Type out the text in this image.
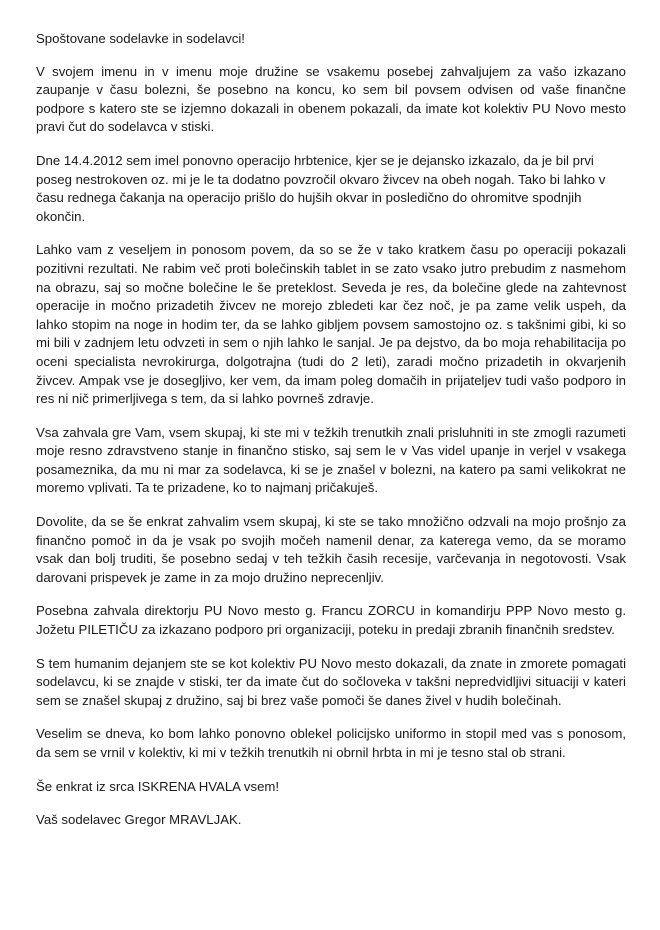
Spoštovane sodelavke in sodelavci!

V svojem imenu in v imenu moje družine se vsakemu posebej zahvaljujem za vašo izkazano zaupanje v času bolezni, še posebno na koncu, ko sem bil povsem odvisen od vaše finančne podpore s katero ste se izjemno dokazali in obenem pokazali, da imate kot kolektiv PU Novo mesto pravi čut do sodelavca v stiski.

Dne 14.4.2012 sem imel ponovno operacijo hrbtenice, kjer se je dejansko izkazalo, da je bil prvi poseg nestrokoven oz. mi je le ta dodatno povzročil okvaro živcev na obeh nogah. Tako bi lahko v času rednega čakanja na operacijo prišlo do hujših okvar in posledično do ohromitve spodnjih okončin.

Lahko vam z veseljem in ponosom povem, da so se že v tako kratkem času po operaciji pokazali pozitivni rezultati. Ne rabim več proti bolečinskih tablet in se zato vsako jutro prebudim z nasmehom na obrazu, saj so močne bolečine le še preteklost. Seveda je res, da bolečine glede na zahtevnost operacije in močno prizadetih živcev ne morejo zbledeti kar čez noč, je pa zame velik uspeh, da lahko stopim na noge in hodim ter, da se lahko gibljem povsem samostojno oz. s takšnimi gibi, ki so mi bili v zadnjem letu odvzeti in sem o njih lahko le sanjal. Je pa dejstvo, da bo moja rehabilitacija po oceni specialista nevrokirurga, dolgotrajna (tudi do 2 leti), zaradi močno prizadetih in okvarjenih živcev. Ampak vse je dosegljivo, ker vem, da imam poleg domačih in prijateljev tudi vašo podporo in res ni nič primerljivega s tem, da si lahko povrneš zdravje.

Vsa zahvala gre Vam, vsem skupaj, ki ste mi v težkih trenutkih znali prisluhniti in ste zmogli razumeti moje resno zdravstveno stanje in finančno stisko, saj sem le v Vas videl upanje in verjel v vsakega posameznika, da mu ni mar za sodelavca, ki se je znašel v bolezni, na katero pa sami velikokrat ne moremo vplivati. Ta te prizadene, ko to najmanj pričakuješ.

Dovolite, da se še enkrat zahvalim vsem skupaj, ki ste se tako množično odzvali na mojo prošnjo za finančno pomoč in da je vsak po svojih močeh namenil denar, za katerega vemo, da se moramo vsak dan bolj truditi, še posebno sedaj v teh težkih časih recesije, varčevanja in negotovosti. Vsak darovani prispevek je zame in za mojo družino neprecenljiv.

Posebna zahvala direktorju PU Novo mesto g. Francu ZORCU in komandirju PPP Novo mesto g. Jožetu PILETIČU za izkazano podporo pri organizaciji, poteku in predaji zbranih finančnih sredstev.

S tem humanim dejanjem ste se kot kolektiv PU Novo mesto dokazali, da znate in zmorete pomagati sodelavcu, ki se znajde v stiski, ter da imate čut do sočloveka v takšni nepredvidljivi situaciji v kateri sem se znašel skupaj z družino, saj bi brez vaše pomoči še danes živel v hudih bolečinah.

Veselim se dneva, ko bom lahko ponovno oblekel policijsko uniformo in stopil med vas s ponosom, da sem se vrnil v kolektiv, ki mi v težkih trenutkih ni obrnil hrbta in mi je tesno stal ob strani.

Še enkrat iz srca ISKRENA HVALA vsem!

Vaš sodelavec Gregor MRAVLJAK.
